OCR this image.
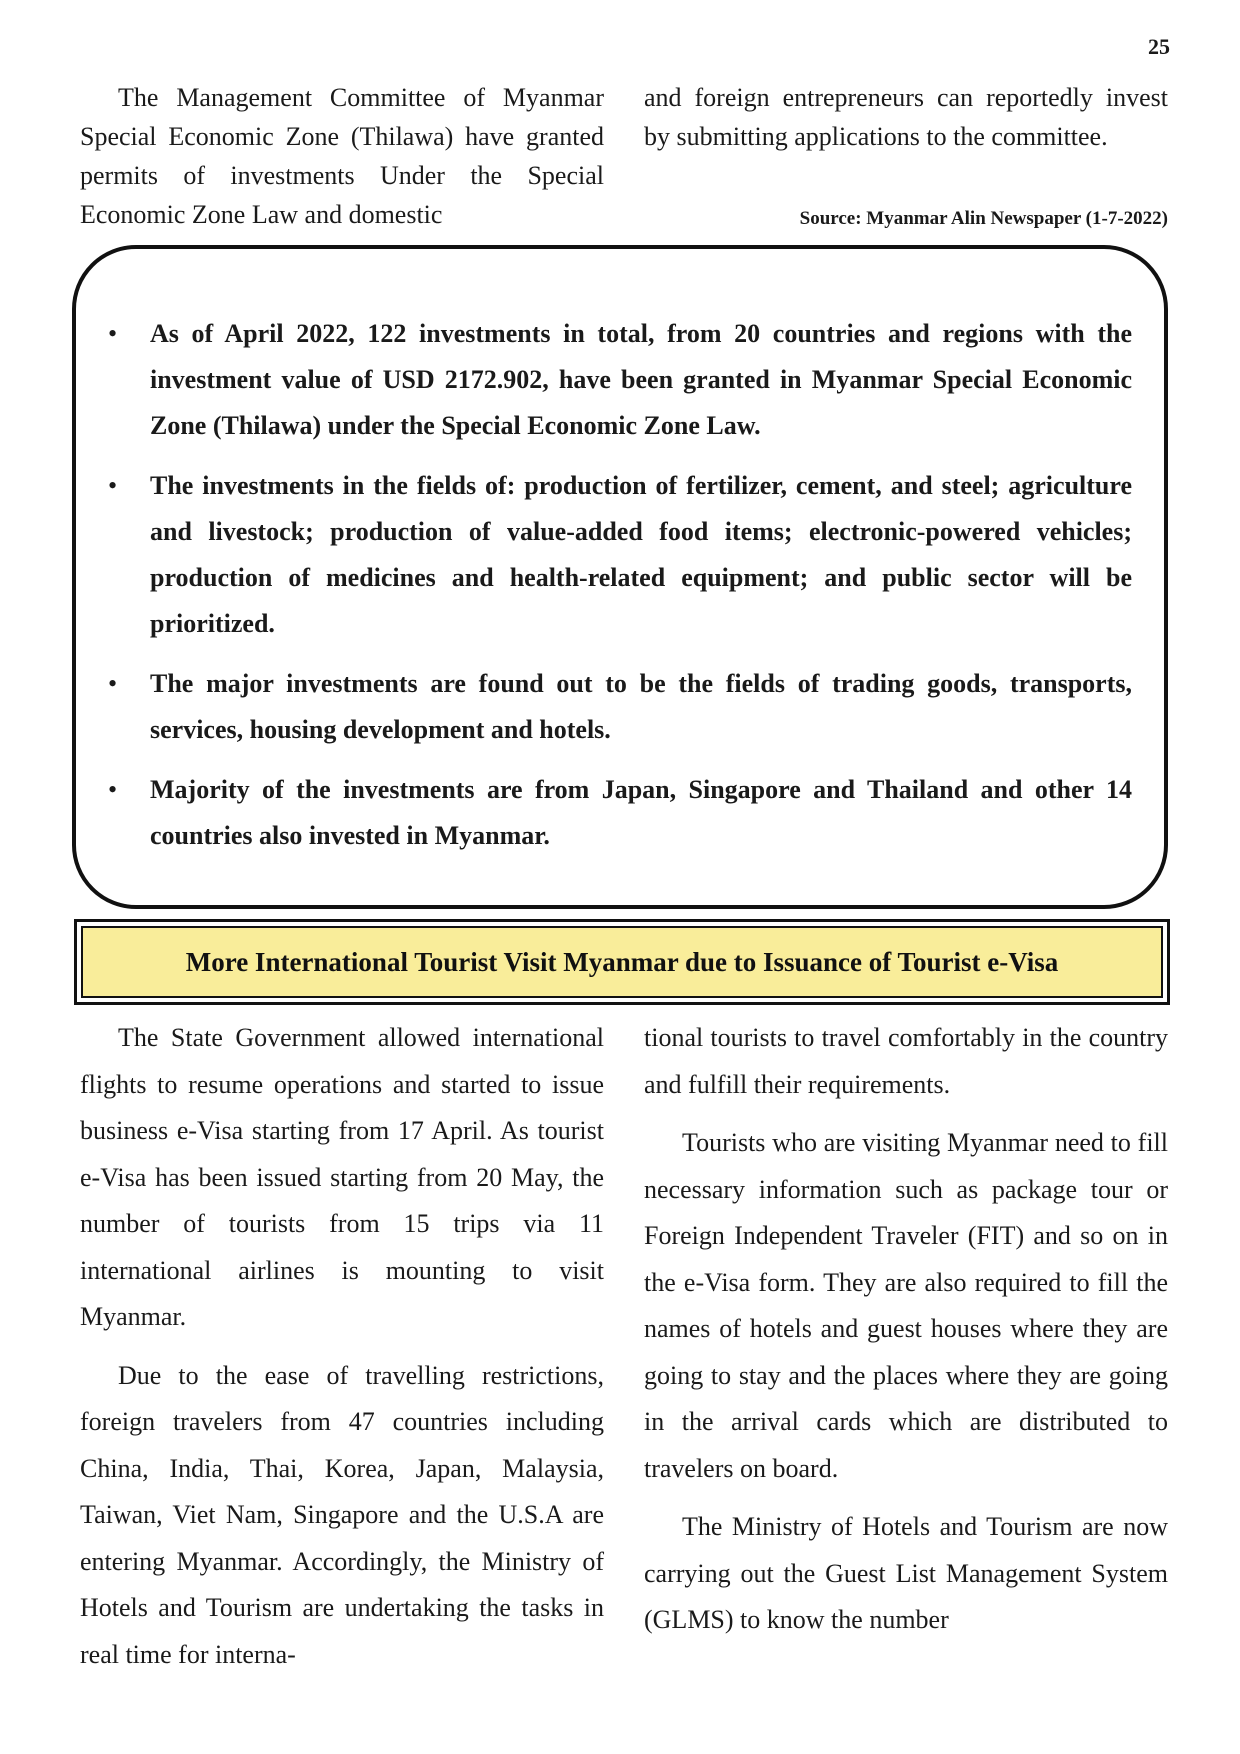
25

The Management Committee of Myanmar Special Economic Zone (Thilawa) have granted permits of investments Under the Special Economic Zone Law and domestic

and foreign entrepreneurs can reportedly invest by submitting applications to the committee.

Source: Myanmar Alin Newspaper (1-7-2022)
• As of April 2022, 122 investments in total, from 20 countries and regions with the investment value of USD 2172.902, have been granted in Myanmar Special Economic Zone (Thilawa) under the Special Economic Zone Law.
• The investments in the fields of: production of fertilizer, cement, and steel; agriculture and livestock; production of value-added food items; electronic-powered vehicles; production of medicines and health-related equipment; and public sector will be prioritized.
• The major investments are found out to be the fields of trading goods, transports, services, housing development and hotels.
• Majority of the investments are from Japan, Singapore and Thailand and other 14 countries also invested in Myanmar.
More International Tourist Visit Myanmar due to Issuance of Tourist e-Visa

The State Government allowed international flights to resume operations and started to issue business e-Visa starting from 17 April. As tourist e-Visa has been issued starting from 20 May, the number of tourists from 15 trips via 11 international airlines is mounting to visit Myanmar.

Due to the ease of travelling restrictions, foreign travelers from 47 countries including China, India, Thai, Korea, Japan, Malaysia, Taiwan, Viet Nam, Singapore and the U.S.A are entering Myanmar. Accordingly, the Ministry of Hotels and Tourism are undertaking the tasks in real time for interna-

tional tourists to travel comfortably in the country and fulfill their requirements.

Tourists who are visiting Myanmar need to fill necessary information such as package tour or Foreign Independent Traveler (FIT) and so on in the e-Visa form. They are also required to fill the names of hotels and guest houses where they are going to stay and the places where they are going in the arrival cards which are distributed to travelers on board.

The Ministry of Hotels and Tourism are now carrying out the Guest List Management System (GLMS) to know the number
